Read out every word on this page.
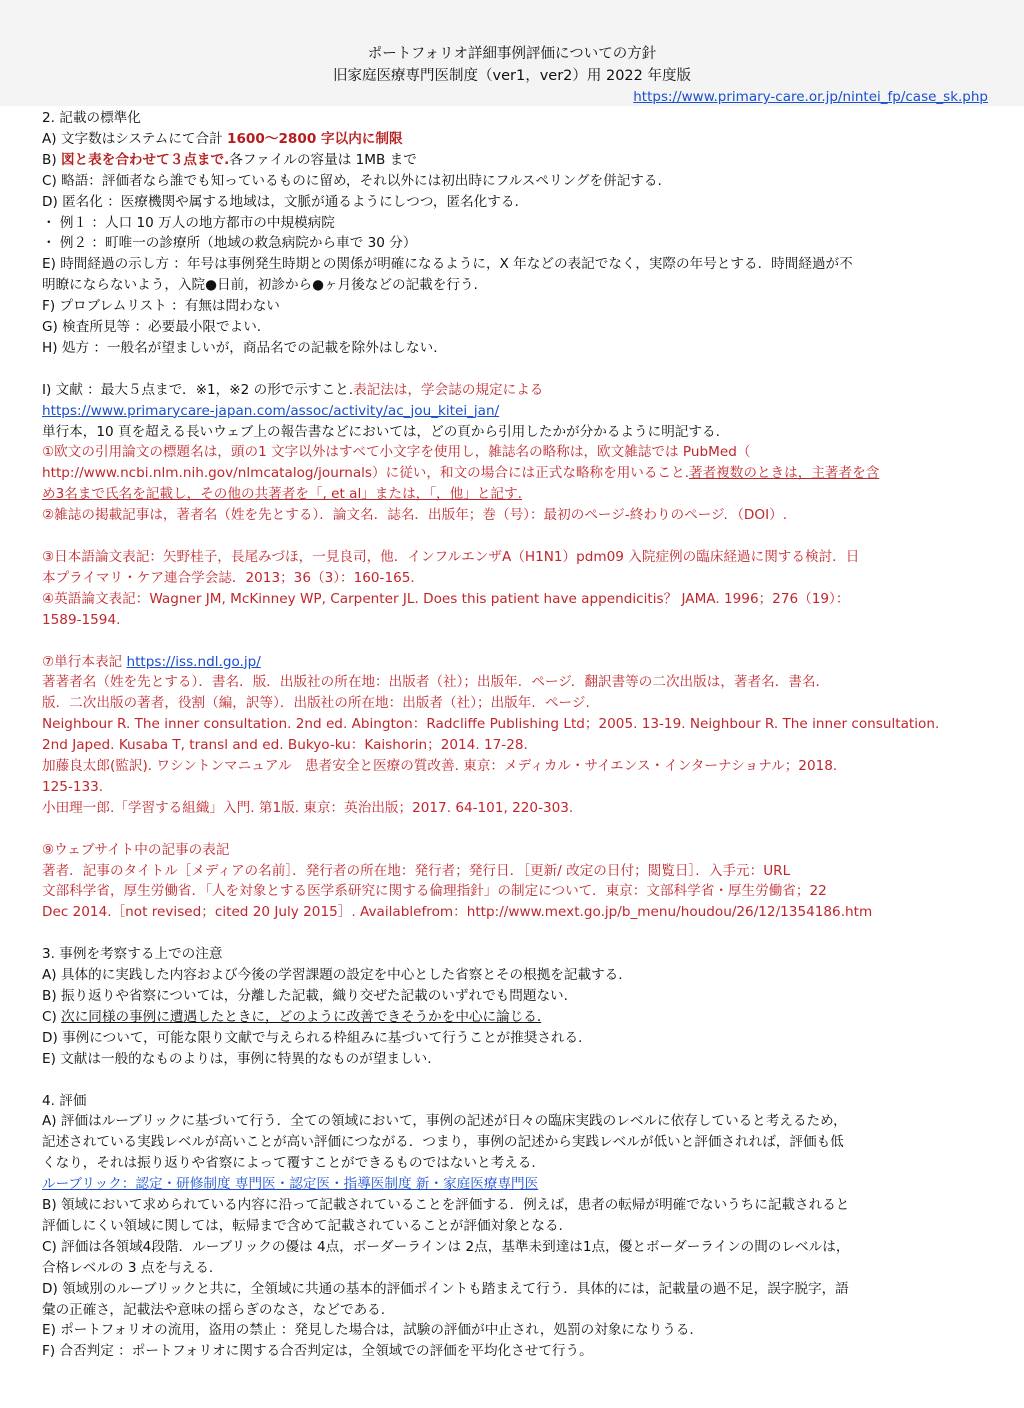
ポートフォリオ詳細事例評価についての方針
旧家庭医療専門医制度（ver1，ver2）用 2022 年度版
https://www.primary-care.or.jp/nintei_fp/case_sk.php
2. 記載の標準化
A) 文字数はシステムにて合計 1600〜2800 字以内に制限
B) 図と表を合わせて３点まで.各ファイルの容量は 1MB まで
C) 略語：評価者なら誰でも知っているものに留め，それ以外には初出時にフルスペリングを併記する.
D) 匿名化 ：医療機関や属する地域は，文脈が通るようにしつつ，匿名化する.
・ 例１ ：人口 10 万人の地方都市の中規模病院
・ 例２ ：町唯一の診療所（地域の救急病院から車で 30 分）
E) 時間経過の示し方 ：年号は事例発生時期との関係が明確になるように，X 年などの表記でなく，実際の年号とする．時間経過が不
明瞭にならないよう，入院●日前，初診から●ヶ月後などの記載を行う.
F) プロブレムリスト ：有無は問わない
G) 検査所見等 ：必要最小限でよい.
H) 処方 ：一般名が望ましいが，商品名での記載を除外はしない.
I) 文献 ：最大５点まで．※1，※2 の形で示すこと.表記法は，学会誌の規定による
https://www.primarycare-japan.com/assoc/activity/ac_jou_kitei_jan/
単行本，10 頁を超える長いウェブ上の報告書などにおいては，どの頁から引用したかが分かるように明記する.
①欧文の引用論文の標題名は，頭の1 文字以外はすべて小文字を使用し，雑誌名の略称は，欧文雑誌では PubMed（
http://www.ncbi.nlm.nih.gov/nlmcatalog/journals）に従い，和文の場合には正式な略称を用いること.著者複数のときは，主著者を含
め3名まで氏名を記載し，その他の共著者を「, et al」または，「，他」と記す.
②雑誌の掲載記事は，著者名（姓を先とする）．論文名．誌名．出版年；巻（号）：最初のページ-終わりのページ．（DOI）.
③日本語論文表記：矢野桂子，長尾みづほ，一見良司，他．インフルエンザA（H1N1）pdm09 入院症例の臨床経過に関する検討．日
本プライマリ・ケア連合学会誌．2013；36（3）：160-165.
④英語論文表記：Wagner JM, McKinney WP, Carpenter JL. Does this patient have appendicitis？ JAMA. 1996；276（19）：
1589-1594.
⑦単行本表記 https://iss.ndl.go.jp/
著著者名（姓を先とする）．書名．版．出版社の所在地：出版者（社）；出版年．ページ．翻訳書等の二次出版は，著者名．書名．
版．二次出版の著者，役割（編，訳等）．出版社の所在地：出版者（社）；出版年．ページ.
Neighbour R. The inner consultation. 2nd ed. Abington：Radcliffe Publishing Ltd；2005. 13-19. Neighbour R. The inner consultation.
2nd Japed. Kusaba T, transl and ed. Bukyo-ku：Kaishorin；2014. 17-28.
加藤良太郎(監訳). ワシントンマニュアル　患者安全と医療の質改善. 東京：メディカル・サイエンス・インターナショナル；2018.
125-133.
小田理一郎.「学習する組織」入門. 第1版. 東京：英治出版；2017. 64-101, 220-303.
⑨ウェブサイト中の記事の表記
著者．記事のタイトル［メディアの名前］．発行者の所在地：発行者；発行日．［更新/ 改定の日付；閲覧日］．入手元：URL
文部科学省，厚生労働省．「人を対象とする医学系研究に関する倫理指針」の制定について．東京：文部科学省・厚生労働省；22
Dec 2014.［not revised；cited 20 July 2015］. Availablefrom：http://www.mext.go.jp/b_menu/houdou/26/12/1354186.htm
3. 事例を考察する上での注意
A) 具体的に実践した内容および今後の学習課題の設定を中心とした省察とその根拠を記載する.
B) 振り返りや省察については，分離した記載，織り交ぜた記載のいずれでも問題ない.
C) 次に同様の事例に遭遇したときに，どのように改善できそうかを中心に論じる.
D) 事例について，可能な限り文献で与えられる枠組みに基づいて行うことが推奨される.
E) 文献は一般的なものよりは，事例に特異的なものが望ましい.
4. 評価
A) 評価はルーブリックに基づいて行う．全ての領域において，事例の記述が日々の臨床実践のレベルに依存していると考えるため，
記述されている実践レベルが高いことが高い評価につながる．つまり，事例の記述から実践レベルが低いと評価されれば，評価も低
くなり，それは振り返りや省察によって覆すことができるものではないと考える.
ルーブリック：認定・研修制度 専門医・認定医・指導医制度 新・家庭医療専門医
B) 領域において求められている内容に沿って記載されていることを評価する．例えば，患者の転帰が明確でないうちに記載されると
評価しにくい領域に関しては，転帰まで含めて記載されていることが評価対象となる.
C) 評価は各領域4段階．ルーブリックの優は 4点，ボーダーラインは 2点，基準未到達は1点，優とボーダーラインの間のレベルは，
合格レベルの 3 点を与える.
D) 領域別のルーブリックと共に，全領域に共通の基本的評価ポイントも踏まえて行う．具体的には，記載量の過不足，誤字脱字，語
彙の正確さ，記載法や意味の揺らぎのなさ，などである.
E) ポートフォリオの流用，盗用の禁止 ：発見した場合は，試験の評価が中止され，処罰の対象になりうる.
F) 合否判定 ：ポートフォリオに関する合否判定は，全領域での評価を平均化させて行う。
